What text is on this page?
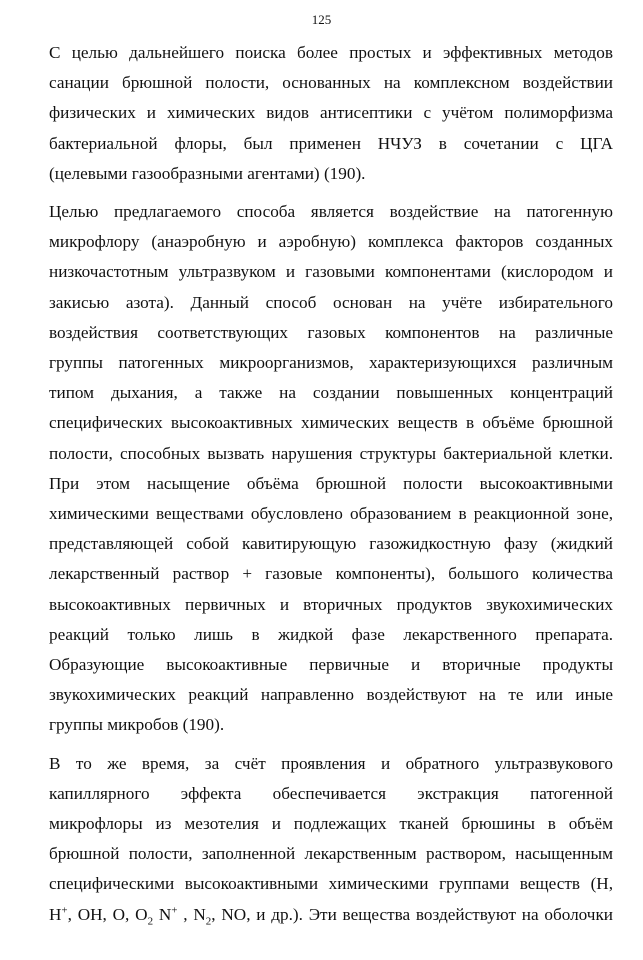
125
С целью дальнейшего поиска более простых и эффективных методов
санации брюшной полости, основанных на комплексном воздействии
физических и химических видов антисептики с учётом полиморфизма
бактериальной флоры, был применен НЧУЗ в сочетании с ЦГА
(целевыми газообразными агентами) (190).
Целью предлагаемого способа является воздействие на патогенную
микрофлору (анаэробную и аэробную) комплекса факторов созданных
низкочастотным ультразвуком и газовыми компонентами (кислородом и
закисью азота). Данный способ основан на учёте избирательного
воздействия соответствующих газовых компонентов на различные
группы патогенных микроорганизмов, характеризующихся различным
типом дыхания, а также на создании повышенных концентраций
специфических высокоактивных химических веществ в объёме брюшной
полости, способных вызвать нарушения структуры бактериальной клетки.
При этом насыщение объёма брюшной полости высокоактивными
химическими веществами обусловлено образованием в реакционной зоне,
представляющей собой кавитирующую газожидкостную фазу (жидкий
лекарственный раствор + газовые компоненты), большого количества
высокоактивных первичных и вторичных продуктов звукохимических
реакций только лишь в жидкой фазе лекарственного препарата.
Образующие высокоактивные первичные и вторичные продукты
звукохимических реакций направленно воздействуют на те или иные
группы микробов (190).
В то же время, за счёт проявления и обратного ультразвукового
капиллярного эффекта обеспечивается экстракция патогенной
микрофлоры из мезотелия и подлежащих тканей брюшины в объём
брюшной полости, заполненной лекарственным раствором, насыщенным
специфическими высокоактивными химическими группами веществ (Н,
Н+, ОН, О, $О_2$ N+ , $N_2$, NO, и др.). Эти вещества воздействуют на оболочки
